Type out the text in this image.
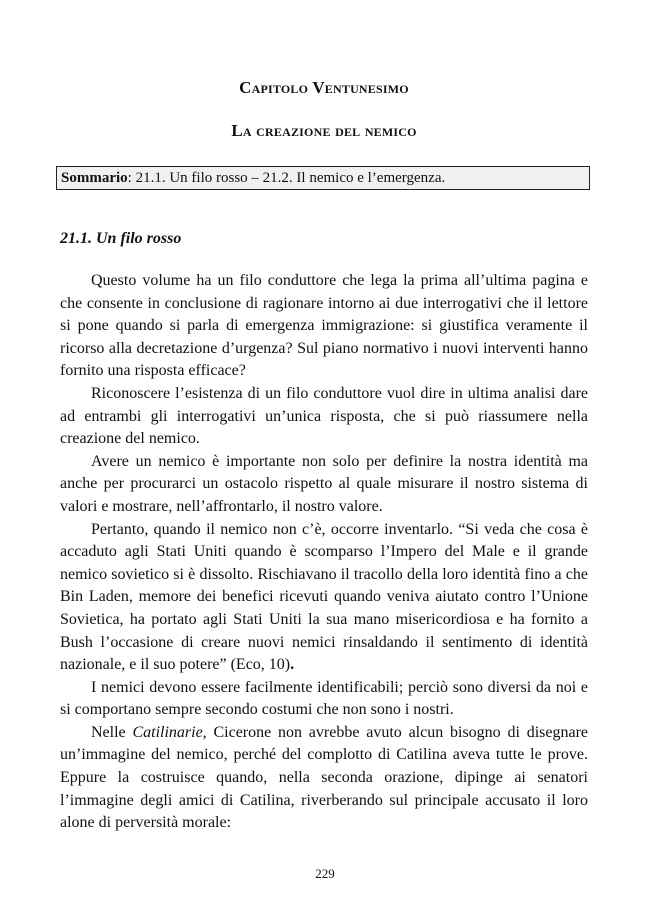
Capitolo Ventunesimo
La creazione del nemico
Sommario: 21.1. Un filo rosso – 21.2. Il nemico e l’emergenza.
21.1. Un filo rosso

Questo volume ha un filo conduttore che lega la prima all’ultima pagina e che consente in conclusione di ragionare intorno ai due interrogativi che il lettore si pone quando si parla di emergenza immigrazione: si giustifica veramente il ricorso alla decretazione d’urgenza? Sul piano normativo i nuovi interventi hanno fornito una risposta efficace?

Riconoscere l’esistenza di un filo conduttore vuol dire in ultima analisi dare ad entrambi gli interrogativi un’unica risposta, che si può riassumere nella creazione del nemico.

Avere un nemico è importante non solo per definire la nostra identità ma anche per procurarci un ostacolo rispetto al quale misurare il nostro sistema di valori e mostrare, nell’affrontarlo, il nostro valore.

Pertanto, quando il nemico non c’è, occorre inventarlo. “Si veda che cosa è accaduto agli Stati Uniti quando è scomparso l’Impero del Male e il grande nemico sovietico si è dissolto. Rischiavano il tracollo della loro identità fino a che Bin Laden, memore dei benefici ricevuti quando veniva aiutato contro l’Unione Sovietica, ha portato agli Stati Uniti la sua mano misericordiosa e ha fornito a Bush l’occasione di creare nuovi nemici rinsaldando il sentimento di identità nazionale, e il suo potere” (Eco, 10).

I nemici devono essere facilmente identificabili; perciò sono diversi da noi e si comportano sempre secondo costumi che non sono i nostri.

Nelle Catilinarie, Cicerone non avrebbe avuto alcun bisogno di disegnare un’immagine del nemico, perché del complotto di Catilina aveva tutte le prove. Eppure la costruisce quando, nella seconda orazione, dipinge ai senatori l’immagine degli amici di Catilina, riverberando sul principale accusato il loro alone di perversità morale:

229
